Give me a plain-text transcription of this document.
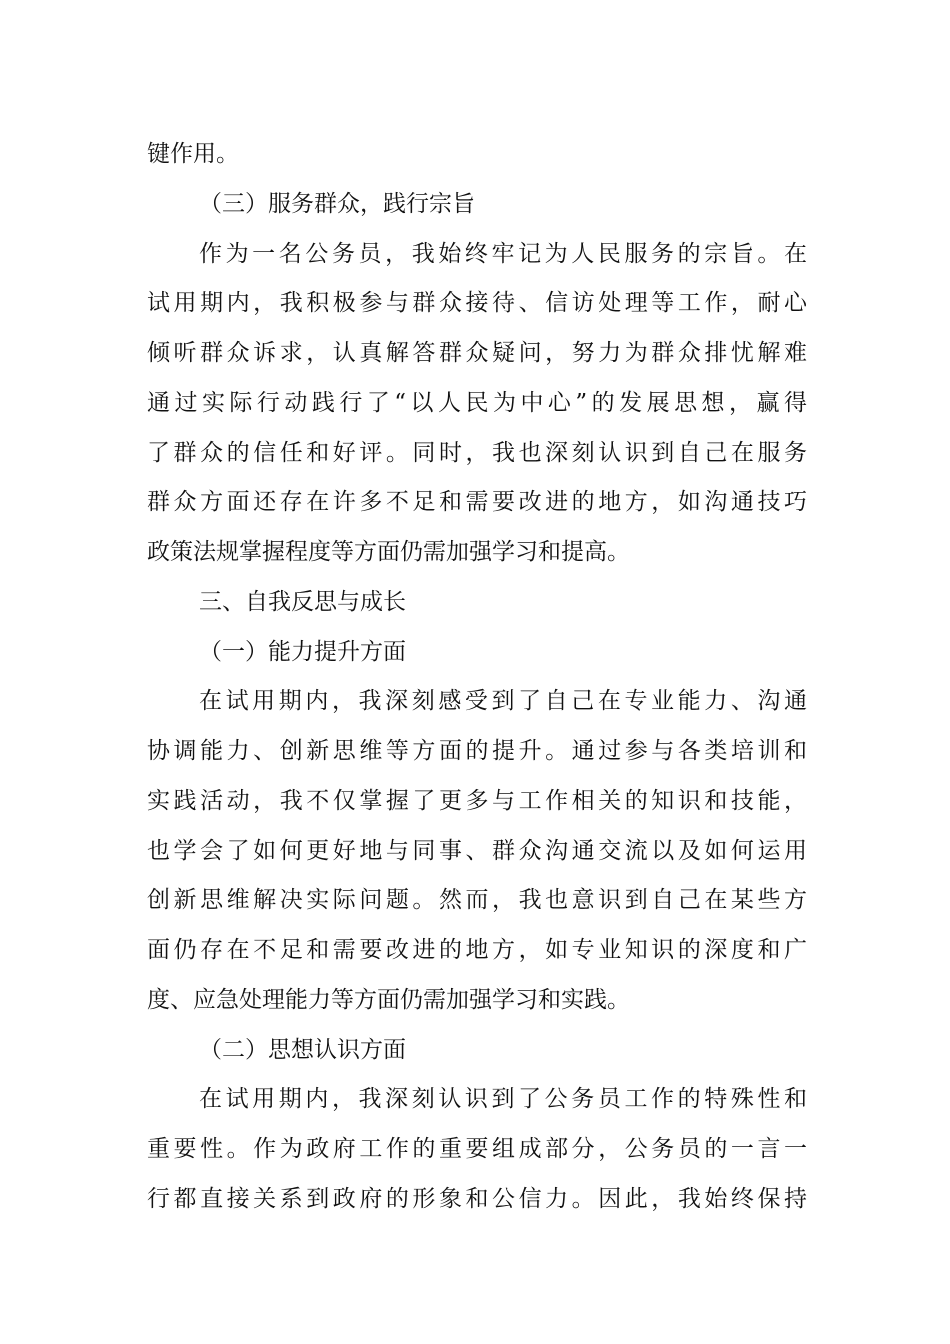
键作用。
（三）服务群众，践行宗旨
作为一名公务员，我始终牢记为人民服务的宗旨。在
试用期内，我积极参与群众接待、信访处理等工作，耐心
倾听群众诉求，认真解答群众疑问，努力为群众排忧解难
通过实际行动践行了“以人民为中心”的发展思想，赢得
了群众的信任和好评。同时，我也深刻认识到自己在服务
群众方面还存在许多不足和需要改进的地方，如沟通技巧
政策法规掌握程度等方面仍需加强学习和提高。
三、自我反思与成长
（一）能力提升方面
在试用期内，我深刻感受到了自己在专业能力、沟通
协调能力、创新思维等方面的提升。通过参与各类培训和
实践活动，我不仅掌握了更多与工作相关的知识和技能，
也学会了如何更好地与同事、群众沟通交流以及如何运用
创新思维解决实际问题。然而，我也意识到自己在某些方
面仍存在不足和需要改进的地方，如专业知识的深度和广
度、应急处理能力等方面仍需加强学习和实践。
（二）思想认识方面
在试用期内，我深刻认识到了公务员工作的特殊性和
重要性。作为政府工作的重要组成部分，公务员的一言一
行都直接关系到政府的形象和公信力。因此，我始终保持
